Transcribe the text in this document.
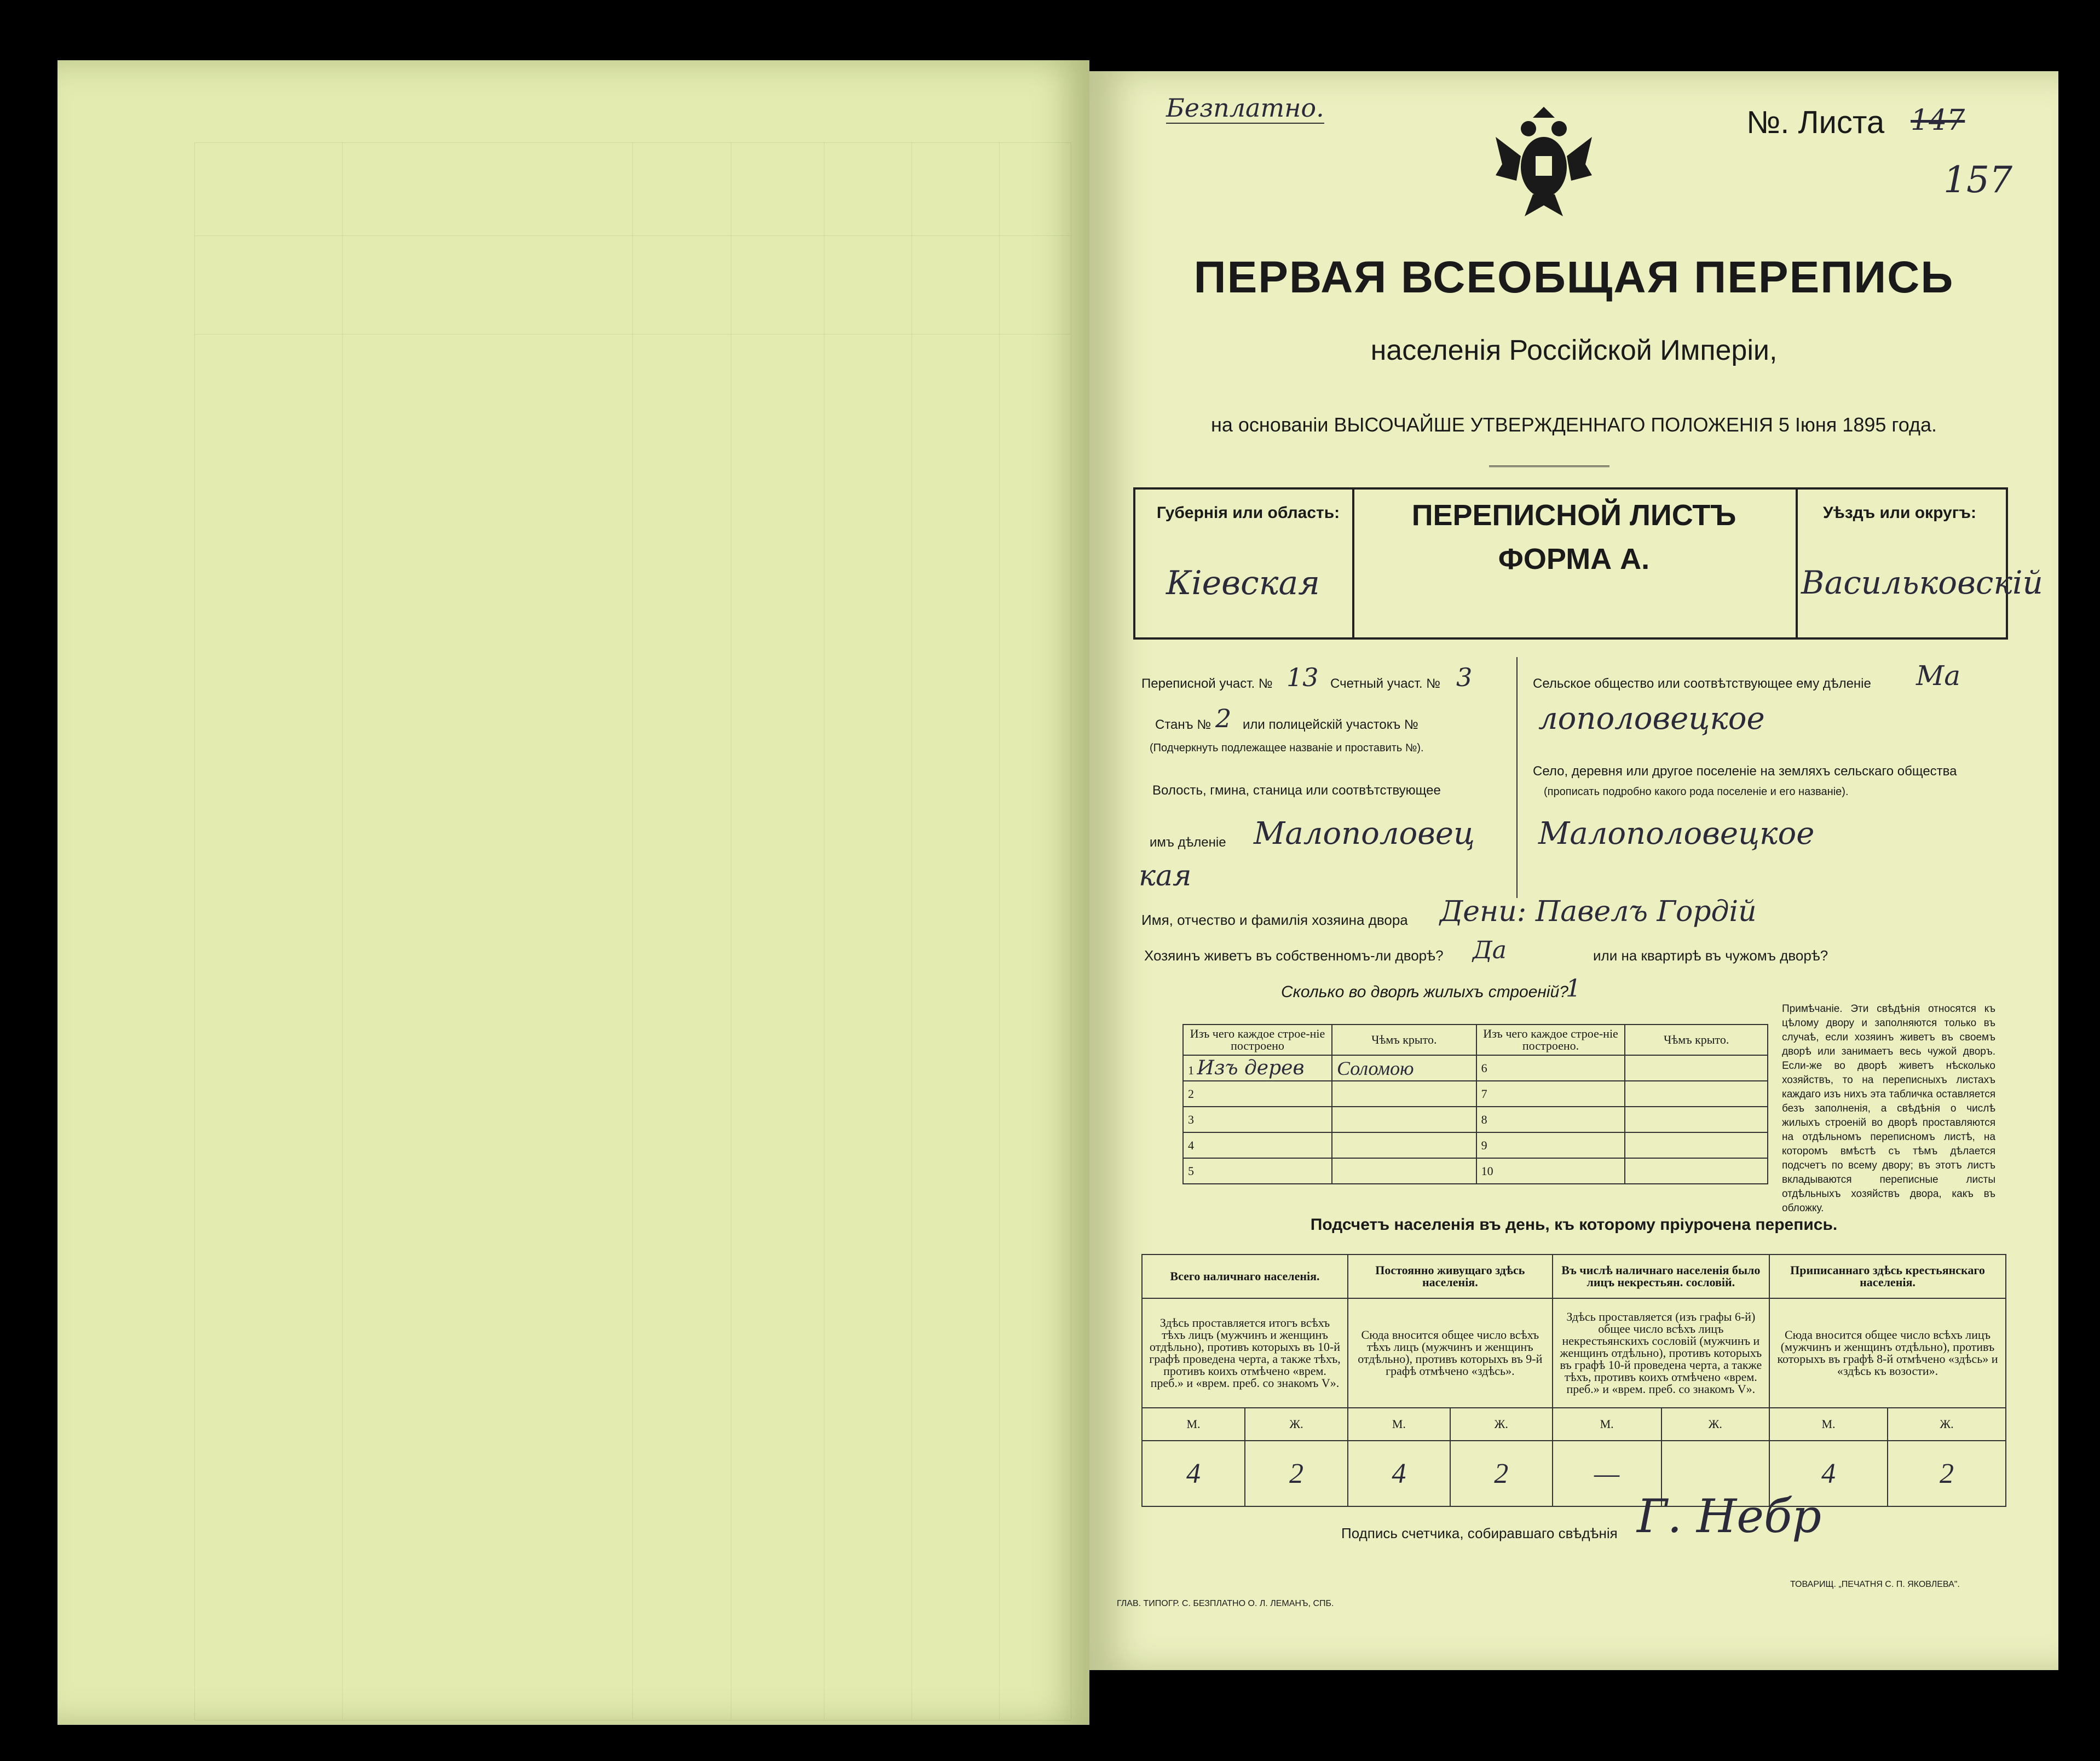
Безплатно.	№. Листа 147
157
ПЕРВАЯ ВСЕОБЩАЯ ПЕРЕПИСЬ
населенія Россійской Имперіи,
на основаніи ВЫСОЧАЙШЕ УТВЕРЖДЕННАГО ПОЛОЖЕНІЯ 5 Іюня 1895 года.
Губернія или область:
Кіевская
ПЕРЕПИСНОЙ ЛИСТЪ
ФОРМА А.
Уѣздъ или округъ:
Васильковскій
Переписной участ. № 13 Счетный участ. № 3
Станъ № 2 или полицейскій участокъ №
(Подчеркнуть подлежащее названіе и проставить №).
Волость, гмина, станица или соотвѣтствующее
имъ дѣленіе Малополовец
кая
Сельское общество или соотвѣтствующее ему дѣленіе Ма
лополовецкое
Село, деревня или другое поселеніе на земляхъ сельскаго общества
(прописать подробно какого рода поселеніе и его названіе).
Малополовецкое
Имя, отчество и фамилія хозяина двора Дени: Павелъ Гордій
Хозяинъ живетъ въ собственномъ-ли дворѣ? Да	или на квартирѣ въ чужомъ дворѣ?
Сколько во дворѣ жилыхъ строеній?
1
Изъ чего каждое строе-ніе построено	Чѣмъ крыто.	Изъ чего каждое строе-ніе построено.	Чѣмъ крыто.
1 Изъ дерев	Соломою	6	
2		7	
3		8	
4		9	
5		10	
Примѣчаніе. Эти свѣдѣнія относятся къ цѣлому двору и заполняются только въ случаѣ, если хозяинъ живетъ въ своемъ дворѣ или занимаетъ весь чужой дворъ. Если-же во дворѣ живетъ нѣсколько хозяйствъ, то на переписныхъ листахъ каждаго изъ нихъ эта табличка оставляется безъ заполненія, а свѣдѣнія о числѣ жилыхъ строеній во дворѣ проставляются на отдѣльномъ переписномъ листѣ, на которомъ вмѣстѣ съ тѣмъ дѣлается подсчетъ по всему двору; въ этотъ листъ вкладываются переписные листы отдѣльныхъ хозяйствъ двора, какъ въ обложку.
Подсчетъ населенія въ день, къ которому пріурочена перепись.
Всего наличнаго населенія.		Постоянно живущаго здѣсь населенія.		Въ числѣ наличнаго населенія было лицъ некрестьян. сословій.		Приписаннаго здѣсь крестьянскаго населенія.	
Здѣсь проставляется итогъ всѣхъ тѣхъ лицъ (мужчинъ и женщинъ отдѣльно), противъ которыхъ въ 10-й графѣ проведена черта, а также тѣхъ, противъ коихъ отмѣчено «врем. преб.» и «врем. преб. со знакомъ V».		Сюда вносится общее число всѣхъ тѣхъ лицъ (мужчинъ и женщинъ отдѣльно), противъ которыхъ въ 9-й графѣ отмѣчено «здѣсь».		Здѣсь проставляется (изъ графы 6-й) общее число всѣхъ лицъ некрестьянскихъ сословій (мужчинъ и женщинъ отдѣльно), противъ которыхъ въ графѣ 10-й проведена черта, а также тѣхъ, противъ коихъ отмѣчено «врем. преб.» и «врем. преб. со знакомъ V».		Сюда вносится общее число всѣхъ лицъ (мужчинъ и женщинъ отдѣльно), противъ которыхъ въ графѣ 8-й отмѣчено «здѣсь» и «здѣсь къ возости».	
М.	Ж.	М.	Ж.	М.	Ж.	М.	Ж.
4	2	4	2	—		4	2
Подпись счетчика, собиравшаго свѣдѣнія Г. Небр
ГЛАВ. ТИПОГР. С. БЕЗПЛАТНО О. Л. ЛЕМАНЪ, СПБ.
ТОВАРИЩ. „ПЕЧАТНЯ С. П. ЯКОВЛЕВА".
